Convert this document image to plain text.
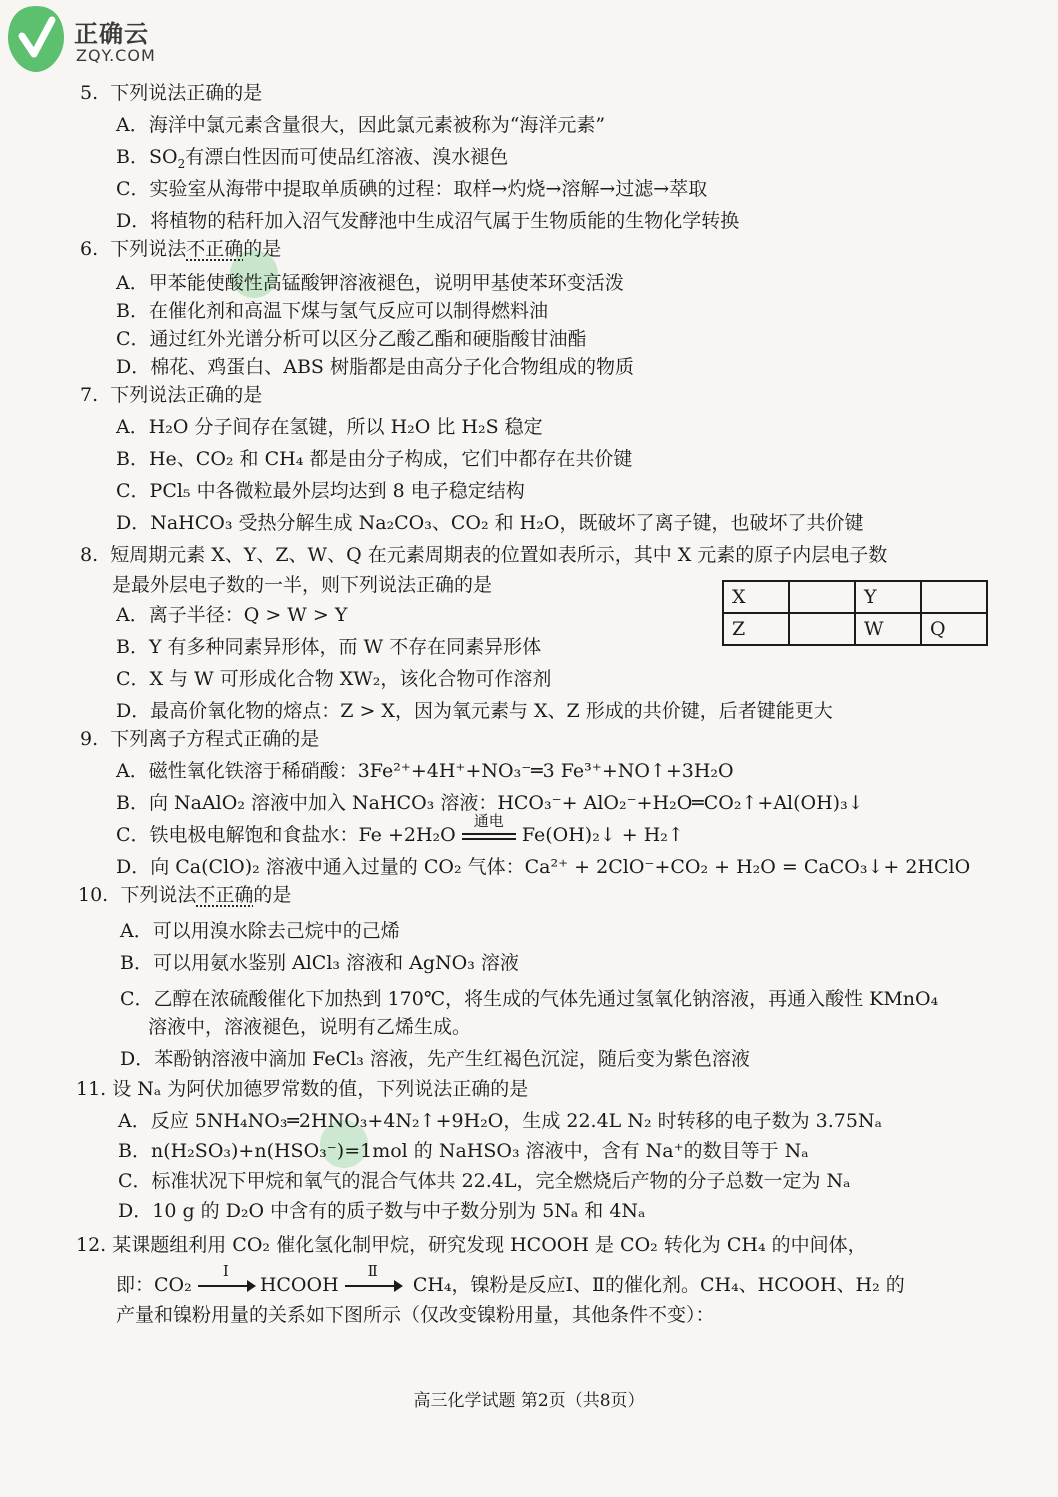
正确云
ZQY.COM
5. 下列说法正确的是
A．海洋中氯元素含量很大，因此氯元素被称为“海洋元素”
B．$SO_2$有漂白性因而可使品红溶液、溴水褪色
C．实验室从海带中提取单质碘的过程：取样→灼烧→溶解→过滤→萃取
D．将植物的秸秆加入沼气发酵池中生成沼气属于生物质能的生物化学转换
6. 下列说法不正确的是
A．甲苯能使酸性高锰酸钾溶液褪色，说明甲基使苯环变活泼
B．在催化剂和高温下煤与氢气反应可以制得燃料油
C．通过红外光谱分析可以区分乙酸乙酯和硬脂酸甘油酯
D．棉花、鸡蛋白、ABS 树脂都是由高分子化合物组成的物质
7. 下列说法正确的是
A．H₂O 分子间存在氢键，所以 H₂O 比 H₂S 稳定
B．He、CO₂ 和 CH₄ 都是由分子构成，它们中都存在共价键
C．PCl₅ 中各微粒最外层均达到 8 电子稳定结构
D．NaHCO₃ 受热分解生成 Na₂CO₃、CO₂ 和 H₂O，既破坏了离子键，也破坏了共价键
8. 短周期元素 X、Y、Z、W、Q 在元素周期表的位置如表所示，其中 X 元素的原子内层电子数
是最外层电子数的一半，则下列说法正确的是
A．离子半径：Q > W > Y
B．Y 有多种同素异形体，而 W 不存在同素异形体
C．X 与 W 可形成化合物 XW₂，该化合物可作溶剂
D．最高价氧化物的熔点：Z > X，因为氧元素与 X、Z 形成的共价键，后者键能更大
X		Y	
Z		W	Q
9. 下列离子方程式正确的是
A．磁性氧化铁溶于稀硝酸：3Fe²⁺+4H⁺+NO₃⁻═3 Fe³⁺+NO↑+3H₂O
B．向 NaAlO₂ 溶液中加入 NaHCO₃ 溶液：HCO₃⁻+ AlO₂⁻+H₂O═CO₂↑+Al(OH)₃↓
C．铁电极电解饱和食盐水：Fe +2H₂O
通电
Fe(OH)₂↓ + H₂↑
D．向 Ca(ClO)₂ 溶液中通入过量的 CO₂ 气体：Ca²⁺ + 2ClO⁻+CO₂ + H₂O = CaCO₃↓+ 2HClO
10. 下列说法不正确的是
A．可以用溴水除去己烷中的己烯
B．可以用氨水鉴别 AlCl₃ 溶液和 AgNO₃ 溶液
C．乙醇在浓硫酸催化下加热到 170℃，将生成的气体先通过氢氧化钠溶液，再通入酸性 KMnO₄
溶液中，溶液褪色，说明有乙烯生成。
D．苯酚钠溶液中滴加 FeCl₃ 溶液，先产生红褐色沉淀，随后变为紫色溶液
11. 设 Nₐ 为阿伏加德罗常数的值，下列说法正确的是
A．反应 5NH₄NO₃═2HNO₃+4N₂↑+9H₂O，生成 22.4L N₂ 时转移的电子数为 3.75Nₐ
B．n(H₂SO₃)+n(HSO₃⁻)=1mol 的 NaHSO₃ 溶液中，含有 Na⁺的数目等于 Nₐ
C．标准状况下甲烷和氧气的混合气体共 22.4L，完全燃烧后产物的分子总数一定为 Nₐ
D．10 g 的 D₂O 中含有的质子数与中子数分别为 5Nₐ 和 4Nₐ
12. 某课题组利用 CO₂ 催化氢化制甲烷，研究发现 HCOOH 是 CO₂ 转化为 CH₄ 的中间体，
即：CO₂
Ⅰ
HCOOH
Ⅱ
CH₄，镍粉是反应Ⅰ、Ⅱ的催化剂。CH₄、HCOOH、H₂ 的
产量和镍粉用量的关系如下图所示（仅改变镍粉用量，其他条件不变）：
高三化学试题 第2页（共8页）
